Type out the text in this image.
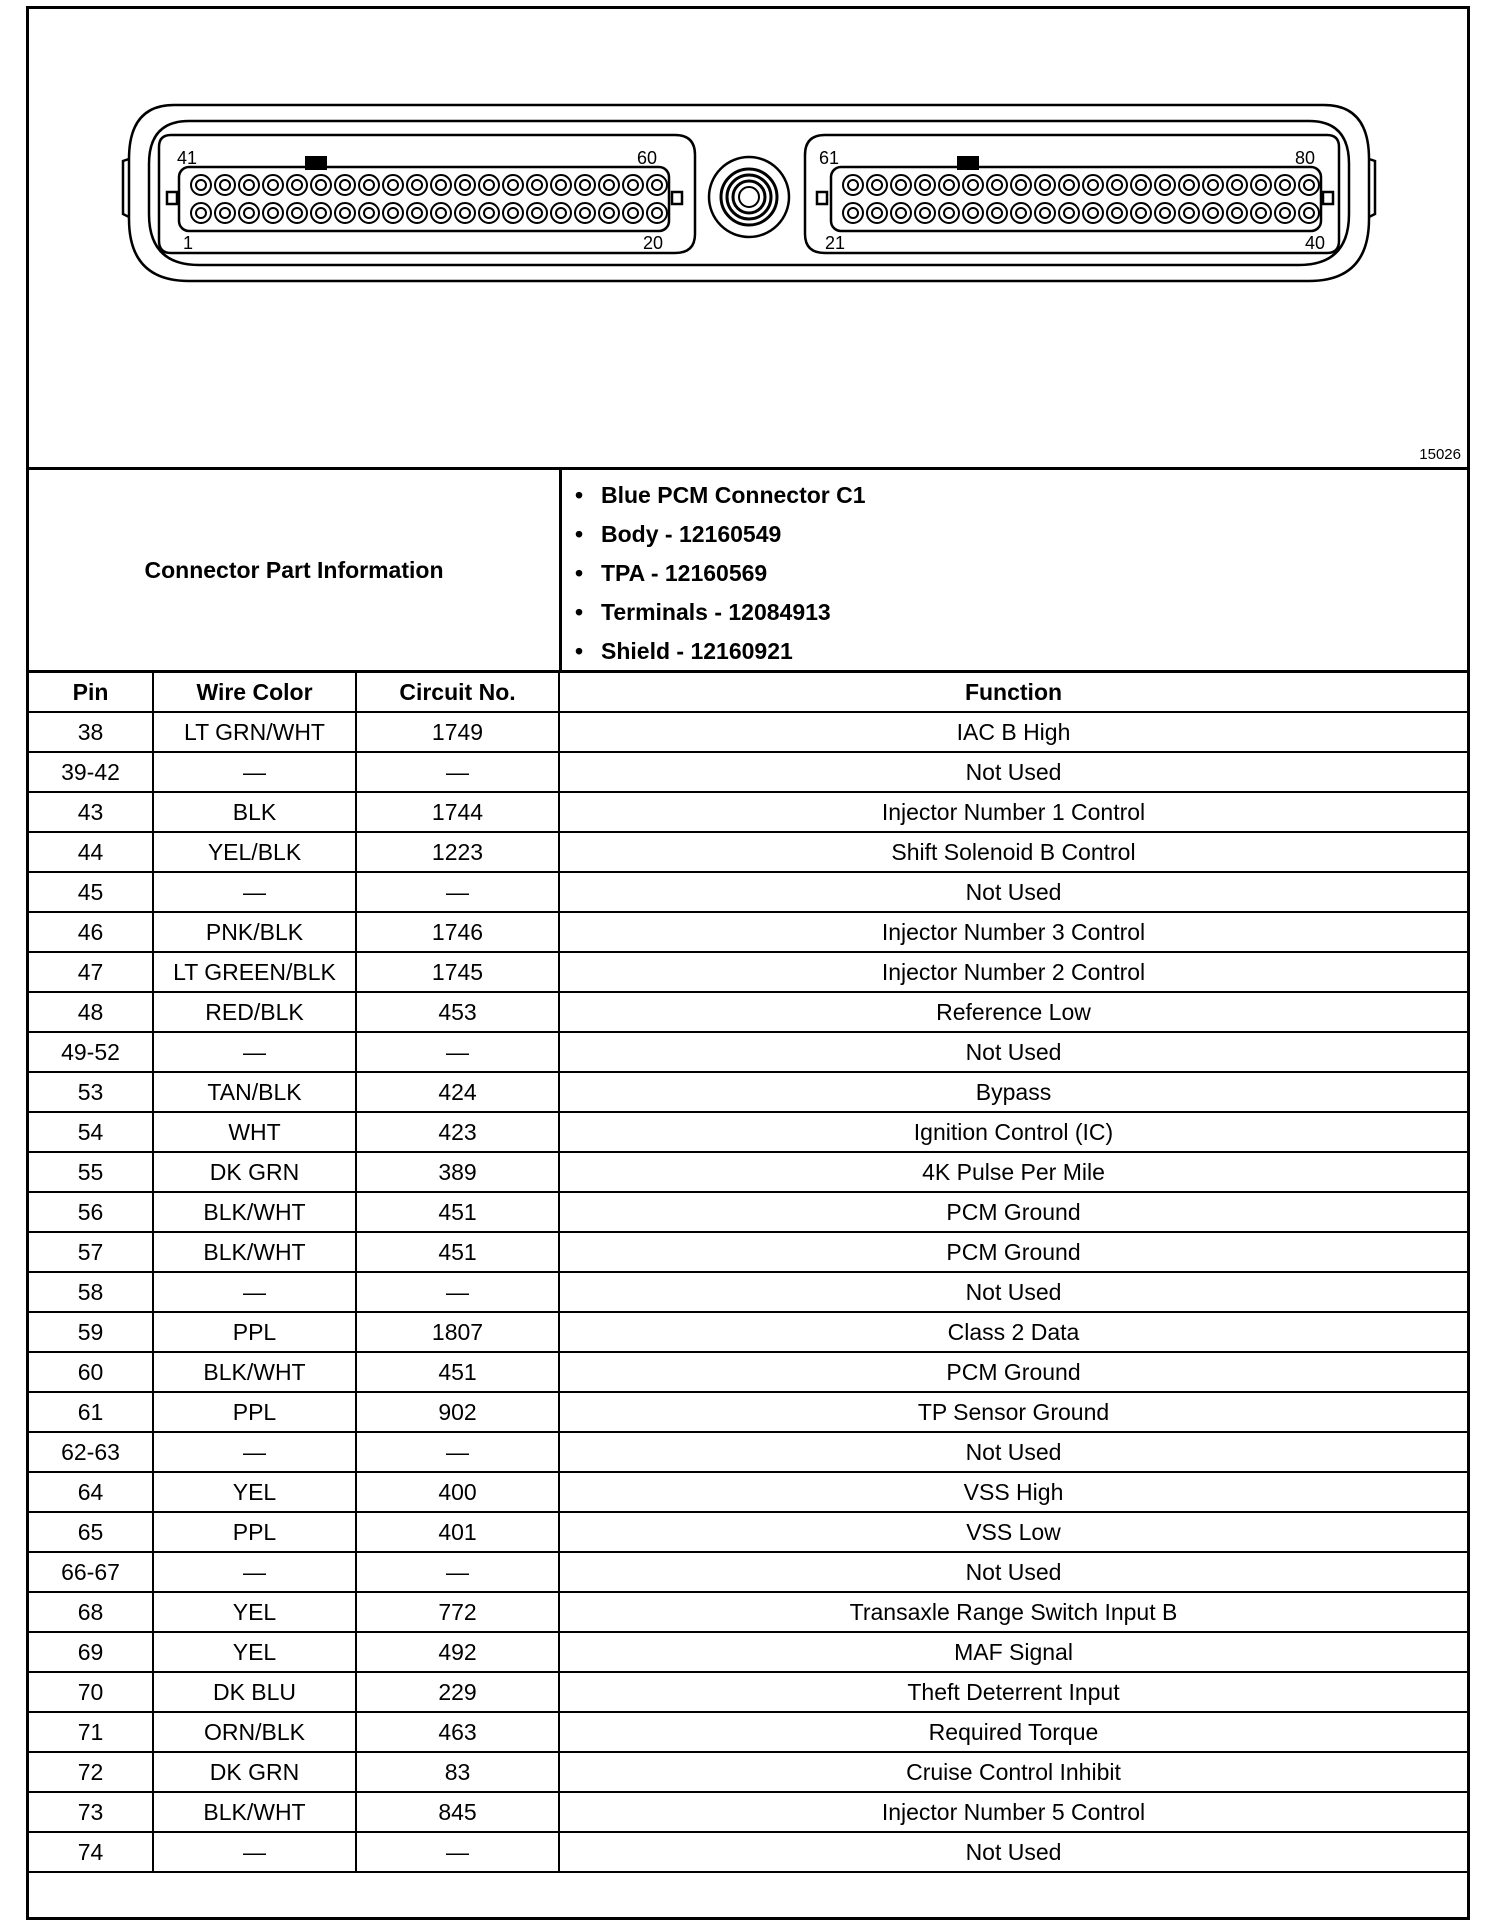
41	60
1	20
61	80
21	40
15026
Connector Part Information
• Blue PCM Connector C1
• Body - 12160549
• TPA - 12160569
• Terminals - 12084913
• Shield - 12160921
Pin	Wire Color	Circuit No.	Function
38	LT GRN/WHT	1749	IAC B High
39-42	—	—	Not Used
43	BLK	1744	Injector Number 1 Control
44	YEL/BLK	1223	Shift Solenoid B Control
45	—	—	Not Used
46	PNK/BLK	1746	Injector Number 3 Control
47	LT GREEN/BLK	1745	Injector Number 2 Control
48	RED/BLK	453	Reference Low
49-52	—	—	Not Used
53	TAN/BLK	424	Bypass
54	WHT	423	Ignition Control (IC)
55	DK GRN	389	4K Pulse Per Mile
56	BLK/WHT	451	PCM Ground
57	BLK/WHT	451	PCM Ground
58	—	—	Not Used
59	PPL	1807	Class 2 Data
60	BLK/WHT	451	PCM Ground
61	PPL	902	TP Sensor Ground
62-63	—	—	Not Used
64	YEL	400	VSS High
65	PPL	401	VSS Low
66-67	—	—	Not Used
68	YEL	772	Transaxle Range Switch Input B
69	YEL	492	MAF Signal
70	DK BLU	229	Theft Deterrent Input
71	ORN/BLK	463	Required Torque
72	DK GRN	83	Cruise Control Inhibit
73	BLK/WHT	845	Injector Number 5 Control
74	—	—	Not Used
